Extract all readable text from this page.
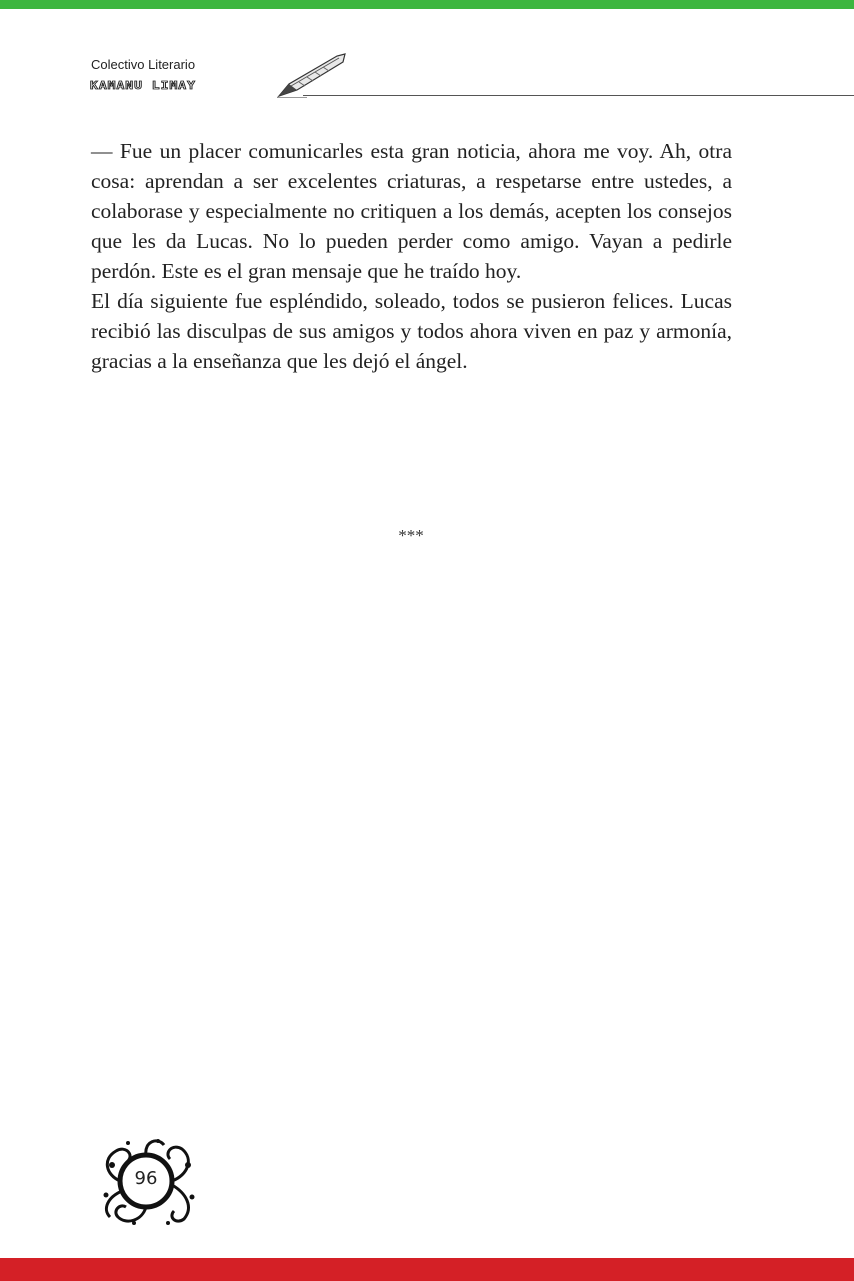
Colectivo Literario
KAMANU LIMAY

— Fue un placer comunicarles esta gran noticia, ahora me voy. Ah, otra cosa: aprendan a ser excelentes criaturas, a respetarse entre ustedes, a colaborase y especialmente no critiquen a los demás, acepten los consejos que les da Lucas. No lo pueden perder como amigo. Vayan a pedirle perdón. Este es el gran mensaje que he traído hoy.

El día siguiente fue espléndido, soleado, todos se pusieron felices. Lucas recibió las disculpas de sus amigos y todos ahora viven en paz y armonía, gracias a la enseñanza que les dejó el ángel.

***
96
